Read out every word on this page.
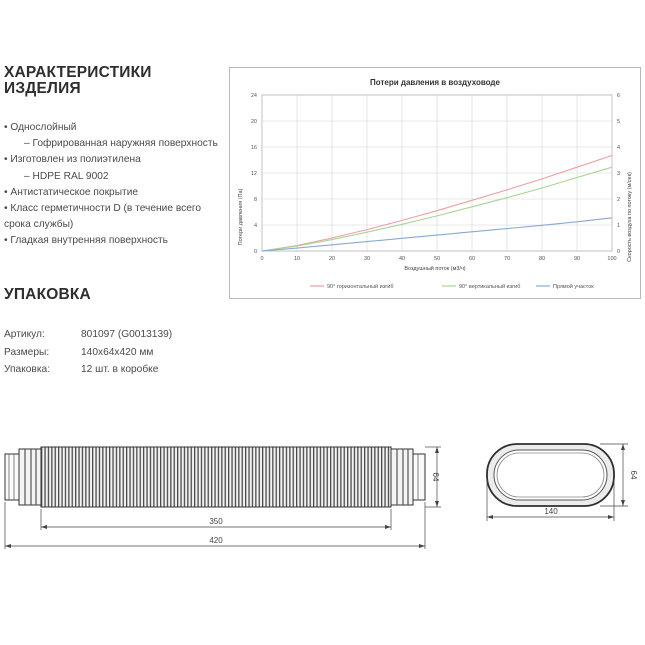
ХАРАКТЕРИСТИКИ
ИЗДЕЛИЯ
• Однослойный
– Гофрированная наружняя поверхность
• Изготовлен из полиэтилена
– HDPE RAL 9002
• Антистатическое покрытие
• Класс герметичности D (в течение всего
срока службы)
• Гладкая внутренняя поверхность
УПАКОВКА
Артикул:	801097 (G0013139)
Размеры:	140x64x420 мм
Упаковка:	12 шт. в коробке
Потери давления в воздуховоде
0	10	20	30	40	50	60	70	80	90	100
0
4
8
12
16
20
24
0
1
2
3
4
5
6
Воздушный поток (м3/ч)
Потери давления (Па)	Скорость воздуха по потоку (м/сек)
90° горизонтальный изгиб	90° вертикальный изгиб	Прямой участок
350
420
64
140
64
